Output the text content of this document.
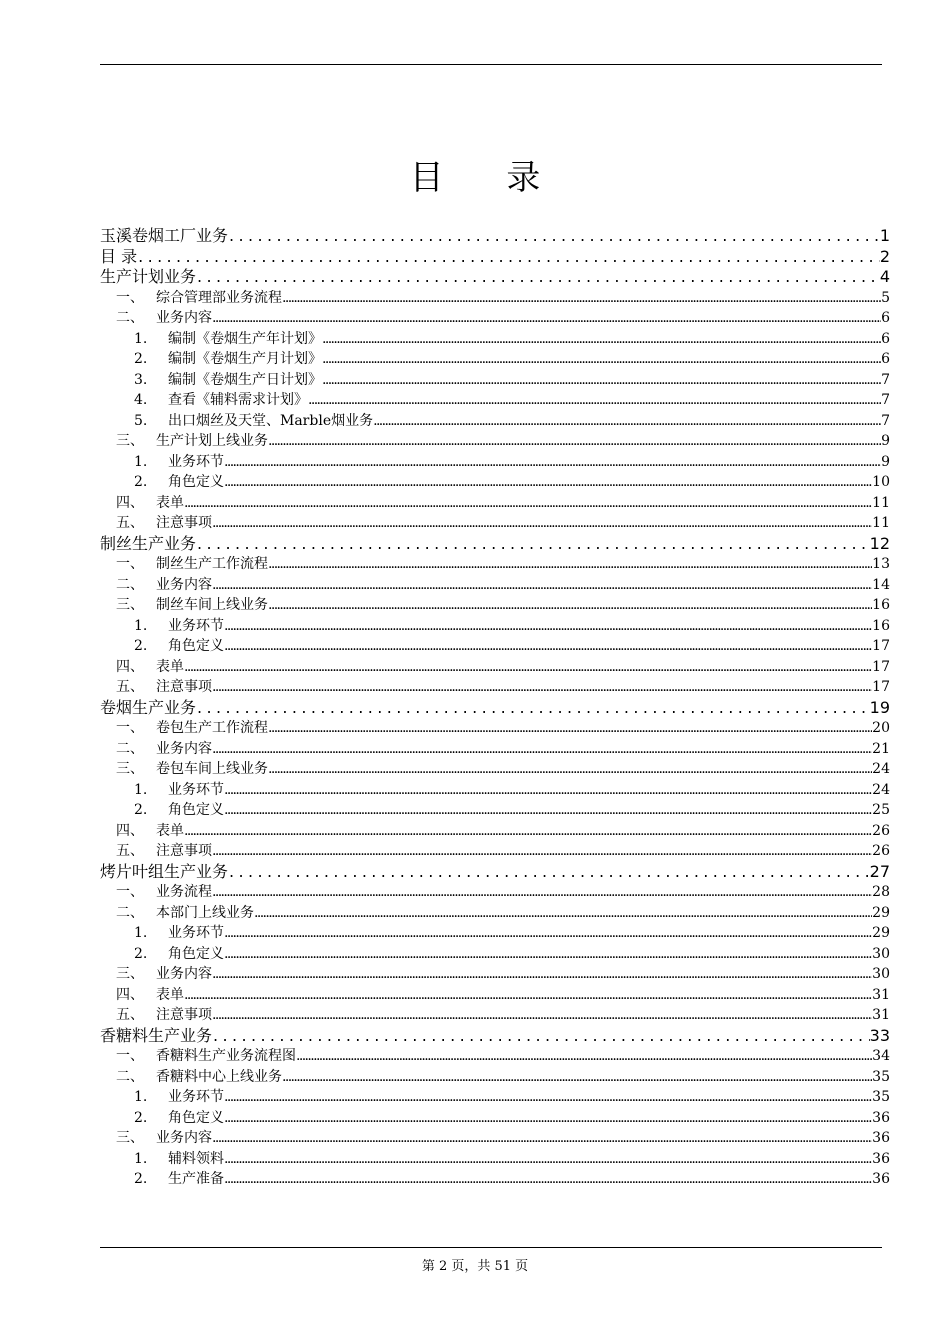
目 录
玉溪卷烟工厂业务 .....	1
目 录 .....	2
生产计划业务 .....	4
一、 综合管理部业务流程 .....	5
二、 业务内容 .....	6
1.	编制《卷烟生产年计划》 .....	6
2.	编制《卷烟生产月计划》 .....	6
3.	编制《卷烟生产日计划》 .....	7
4.	查看《辅料需求计划》 .....	7
5.	出口烟丝及天堂、Marble烟业务 .....	7
三、 生产计划上线业务 .....	9
1.	业务环节 .....	9
2.	角色定义 .....	10
四、 表单 .....	11
五、 注意事项 .....	11
制丝生产业务 .....	12
一、 制丝生产工作流程 .....	13
二、 业务内容 .....	14
三、 制丝车间上线业务 .....	16
1.	业务环节 .....	16
2.	角色定义 .....	17
四、 表单 .....	17
五、 注意事项 .....	17
卷烟生产业务 .....	19
一、 卷包生产工作流程 .....	20
二、 业务内容 .....	21
三、 卷包车间上线业务 .....	24
1.	业务环节 .....	24
2.	角色定义 .....	25
四、 表单 .....	26
五、 注意事项 .....	26
烤片叶组生产业务 .....	27
一、 业务流程 .....	28
二、 本部门上线业务 .....	29
1.	业务环节 .....	29
2.	角色定义 .....	30
三、 业务内容 .....	30
四、 表单 .....	31
五、 注意事项 .....	31
香糖料生产业务 .....	33
一、 香糖料生产业务流程图 .....	34
二、 香糖料中心上线业务 .....	35
1.	业务环节 .....	35
2.	角色定义 .....	36
三、 业务内容 .....	36
1.	辅料领料 .....	36
2.	生产准备 .....	36
第 2 页，共 51 页
